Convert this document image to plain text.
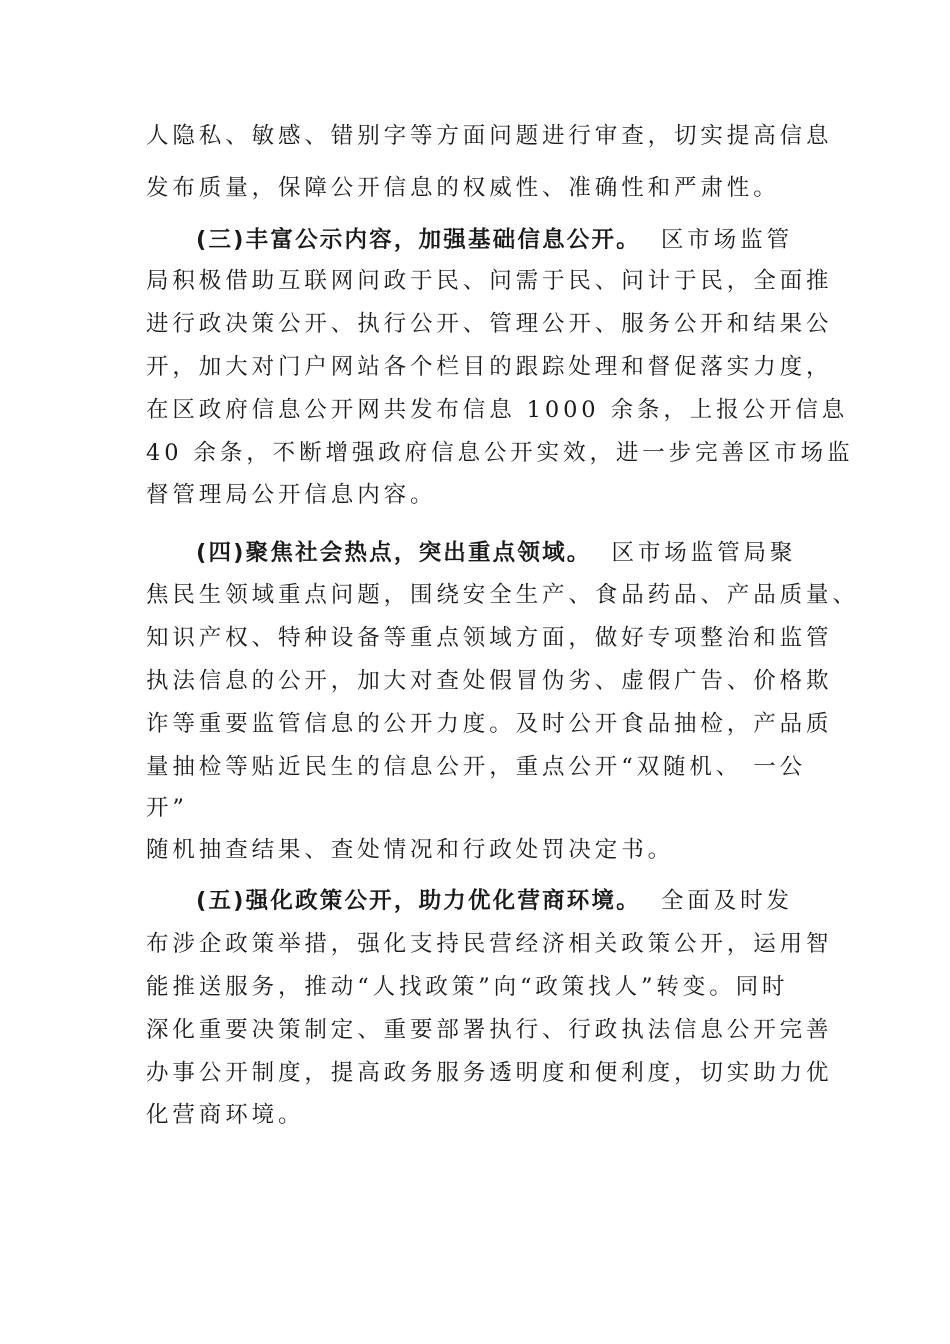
人隐私、敏感、错别字等方面问题进行审查，切实提高信息
发布质量，保障公开信息的权威性、准确性和严肃性。
(三)丰富公示内容，加强基础信息公开。 区市场监管
局积极借助互联网问政于民、问需于民、问计于民，全面推
进行政决策公开、执行公开、管理公开、服务公开和结果公
开，加大对门户网站各个栏目的跟踪处理和督促落实力度，
在区政府信息公开网共发布信息 1000 余条，上报公开信息
40 余条，不断增强政府信息公开实效，进一步完善区市场监
督管理局公开信息内容。
(四)聚焦社会热点，突出重点领域。 区市场监管局聚
焦民生领域重点问题，围绕安全生产、食品药品、产品质量、
知识产权、特种设备等重点领域方面，做好专项整治和监管
执法信息的公开，加大对查处假冒伪劣、虚假广告、价格欺
诈等重要监管信息的公开力度。及时公开食品抽检，产品质
量抽检等贴近民生的信息公开，重点公开“双随机、 一公
开”
随机抽查结果、查处情况和行政处罚决定书。
(五)强化政策公开，助力优化营商环境。 全面及时发
布涉企政策举措，强化支持民营经济相关政策公开，运用智
能推送服务，推动“人找政策”向“政策找人”转变。同时
深化重要决策制定、重要部署执行、行政执法信息公开完善
办事公开制度，提高政务服务透明度和便利度，切实助力优
化营商环境。
